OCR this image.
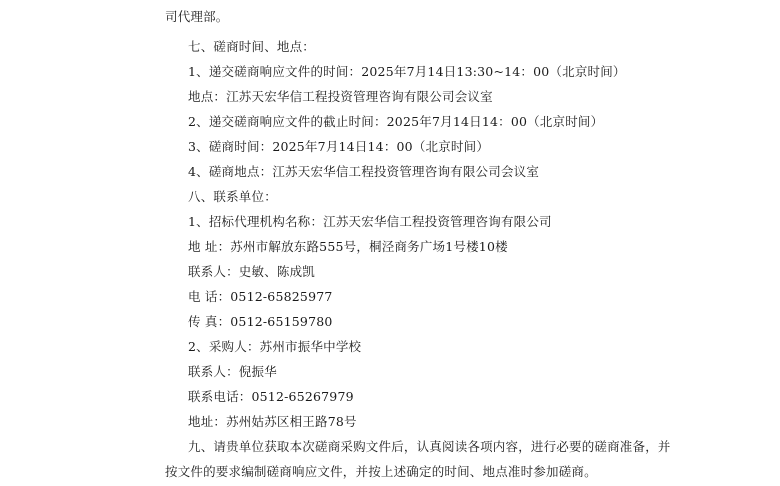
司代理部。
七、磋商时间、地点：
1、递交磋商响应文件的时间：2025年7月14日13:30~14：00（北京时间）
地点：江苏天宏华信工程投资管理咨询有限公司会议室
2、递交磋商响应文件的截止时间：2025年7月14日14：00（北京时间）
3、磋商时间：2025年7月14日14：00（北京时间）
4、磋商地点：江苏天宏华信工程投资管理咨询有限公司会议室
八、联系单位：
1、招标代理机构名称：江苏天宏华信工程投资管理咨询有限公司
地 址：苏州市解放东路555号，桐泾商务广场1号楼10楼
联系人：史敏、陈成凯
电 话：0512-65825977
传 真：0512-65159780
2、采购人：苏州市振华中学校
联系人：倪振华
联系电话：0512-65267979
地址：苏州姑苏区相王路78号
九、请贵单位获取本次磋商采购文件后，认真阅读各项内容，进行必要的磋商准备，并
按文件的要求编制磋商响应文件，并按上述确定的时间、地点准时参加磋商。
